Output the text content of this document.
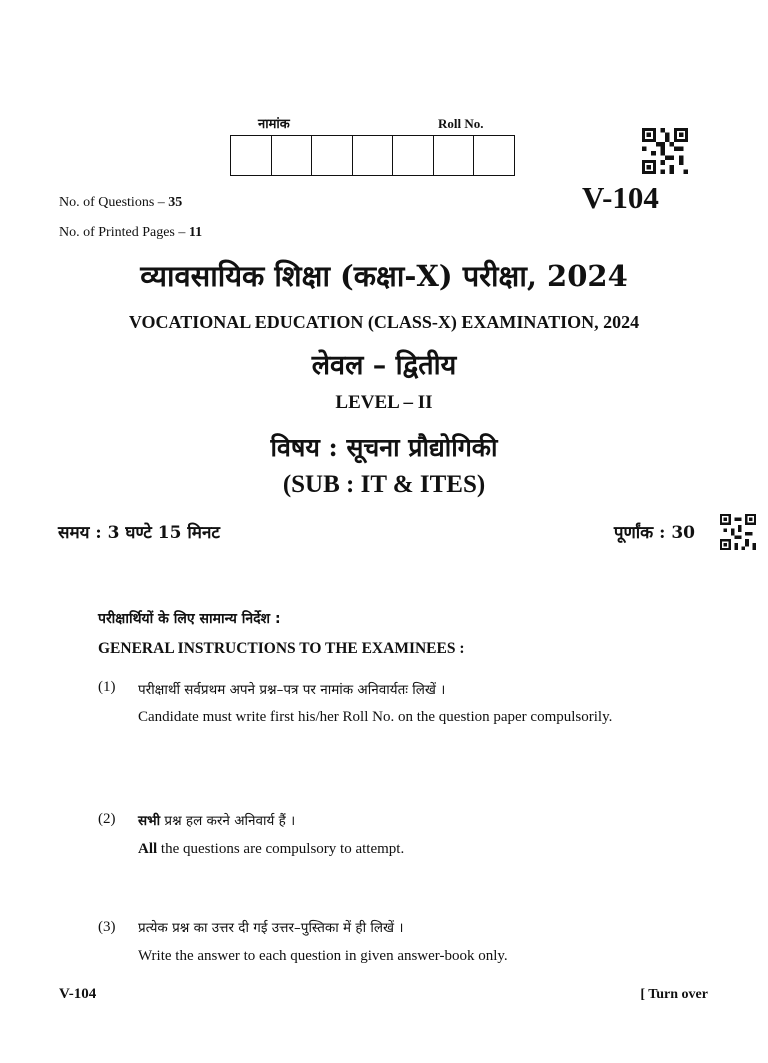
नामांक	Roll No.
V-104
No. of Questions – 35
No. of Printed Pages – 11
व्यावसायिक शिक्षा (कक्षा-X) परीक्षा, 2024
VOCATIONAL EDUCATION (CLASS-X) EXAMINATION, 2024
लेवल – द्वितीय
LEVEL – II
विषय : सूचना प्रौद्योगिकी
(SUB : IT & ITES)
समय : 3 घण्टे 15 मिनट	पूर्णांक : 30
परीक्षार्थियों के लिए सामान्य निर्देश :
GENERAL INSTRUCTIONS TO THE EXAMINEES :
(1) परीक्षार्थी सर्वप्रथम अपने प्रश्न–पत्र पर नामांक अनिवार्यतः लिखें ।
Candidate must write first his/her Roll No. on the question paper compulsorily.
(2) सभी प्रश्न हल करने अनिवार्य हैं ।
All the questions are compulsory to attempt.
(3) प्रत्येक प्रश्न का उत्तर दी गई उत्तर–पुस्तिका में ही लिखें ।
Write the answer to each question in given answer-book only.
V-104	[ Turn over
